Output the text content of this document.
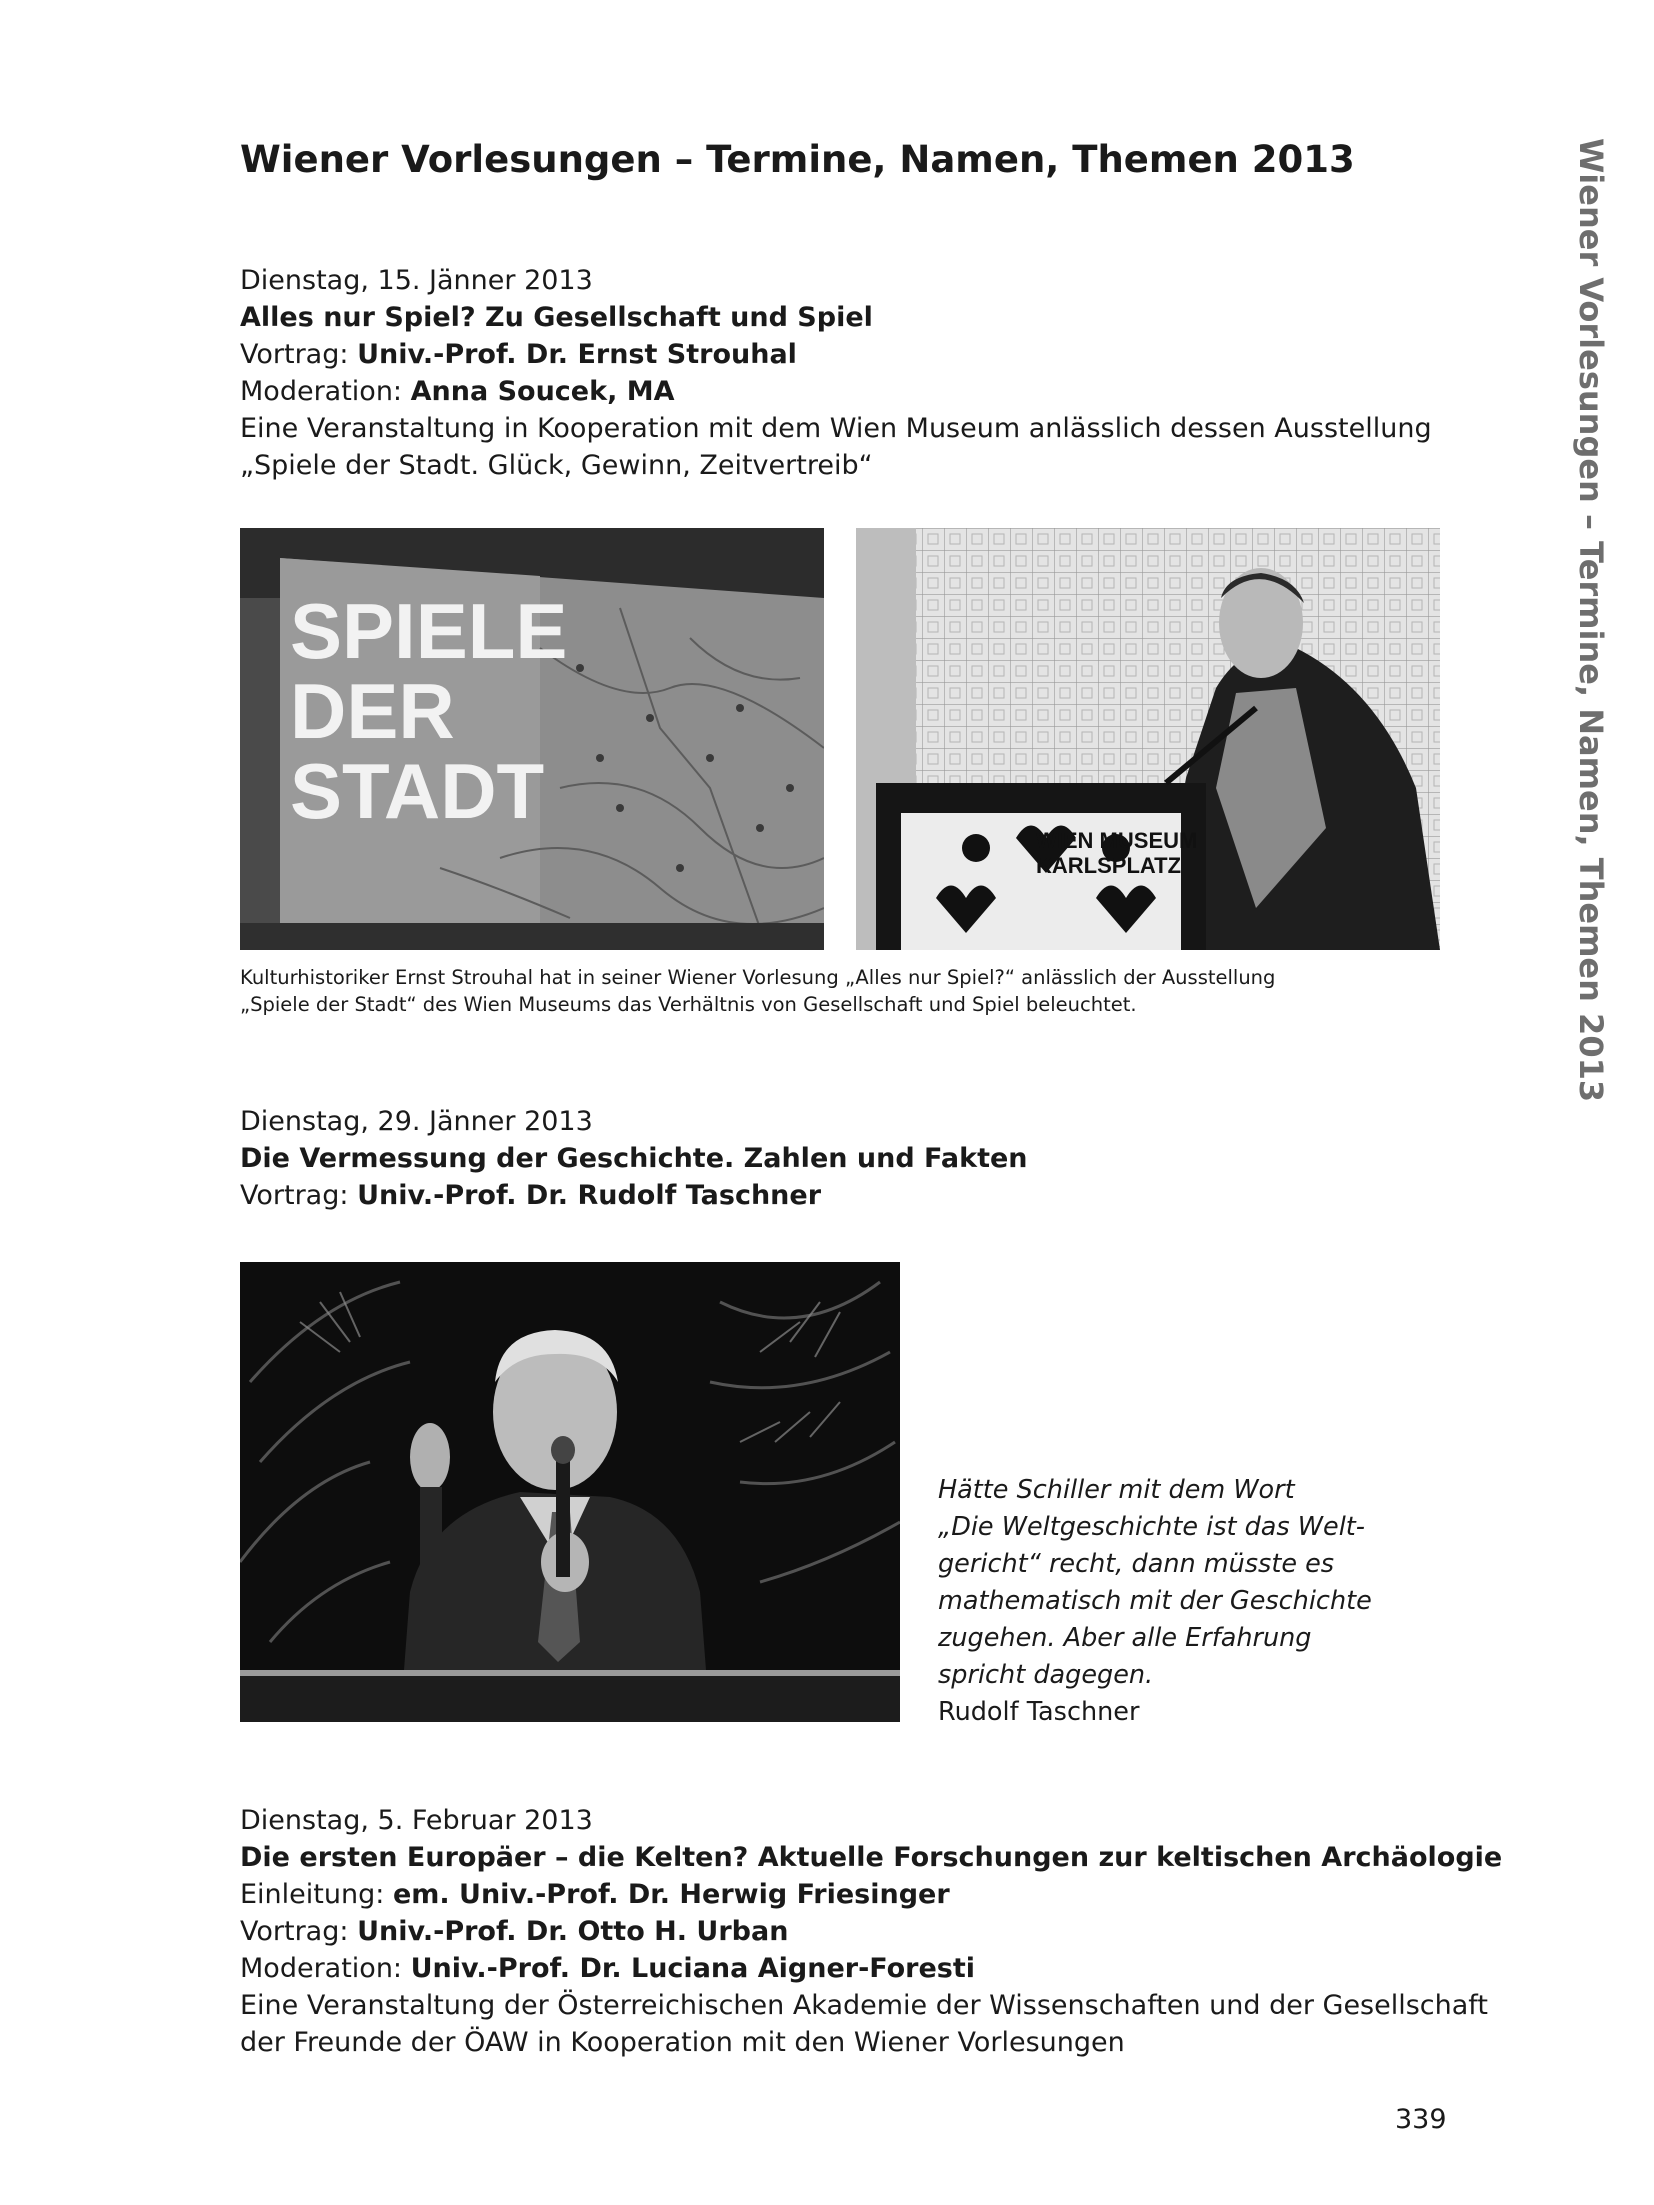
Wiener Vorlesungen – Termine, Namen, Themen 2013	Wiener Vorlesungen – Termine, Namen, Themen 2013
Dienstag, 15. Jänner 2013
Alles nur Spiel? Zu Gesellschaft und Spiel
Vortrag: Univ.-Prof. Dr. Ernst Strouhal
Moderation: Anna Soucek, MA
Eine Veranstaltung in Kooperation mit dem Wien Museum anlässlich dessen Ausstellung
„Spiele der Stadt. Glück, Gewinn, Zeitvertreib“
SPIELE
DER
STADT
WIEN MUSEUM
KARLSPLATZ
Kulturhistoriker Ernst Strouhal hat in seiner Wiener Vorlesung „Alles nur Spiel?“ anlässlich der Ausstellung
„Spiele der Stadt“ des Wien Museums das Verhältnis von Gesellschaft und Spiel beleuchtet.
Dienstag, 29. Jänner 2013
Die Vermessung der Geschichte. Zahlen und Fakten
Vortrag: Univ.-Prof. Dr. Rudolf Taschner
Hätte Schiller mit dem Wort
„Die Weltgeschichte ist das Welt-
gericht“ recht, dann müsste es
mathematisch mit der Geschichte
zugehen. Aber alle Erfahrung
spricht dagegen.
Rudolf Taschner
Dienstag, 5. Februar 2013
Die ersten Europäer – die Kelten? Aktuelle Forschungen zur keltischen Archäologie
Einleitung: em. Univ.-Prof. Dr. Herwig Friesinger
Vortrag: Univ.-Prof. Dr. Otto H. Urban
Moderation: Univ.-Prof. Dr. Luciana Aigner-Foresti
Eine Veranstaltung der Österreichischen Akademie der Wissenschaften und der Gesellschaft
der Freunde der ÖAW in Kooperation mit den Wiener Vorlesungen
339
